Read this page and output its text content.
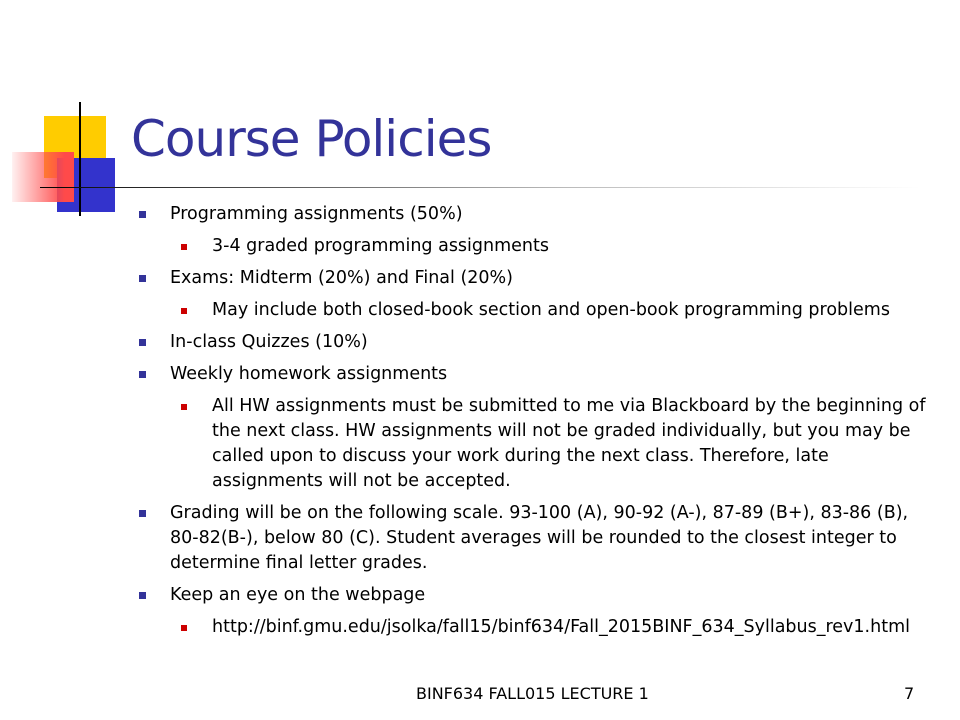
Course Policies
Programming assignments (50%)
3-4 graded programming assignments
Exams: Midterm (20%) and Final (20%)
May include both closed-book section and open-book programming problems
In-class Quizzes (10%)
Weekly homework assignments
All HW assignments must be submitted to me via Blackboard by the beginning of the next class. HW assignments will not be graded individually, but you may be called upon to discuss your work during the next class. Therefore, late assignments will not be accepted.
Grading will be on the following scale. 93-100 (A), 90-92 (A-), 87-89 (B+), 83-86 (B), 80-82(B-), below 80 (C). Student averages will be rounded to the closest integer to determine final letter grades.
Keep an eye on the webpage
http://binf.gmu.edu/jsolka/fall15/binf634/Fall_2015BINF_634_Syllabus_rev1.html
BINF634 FALL015 LECTURE 1	7
